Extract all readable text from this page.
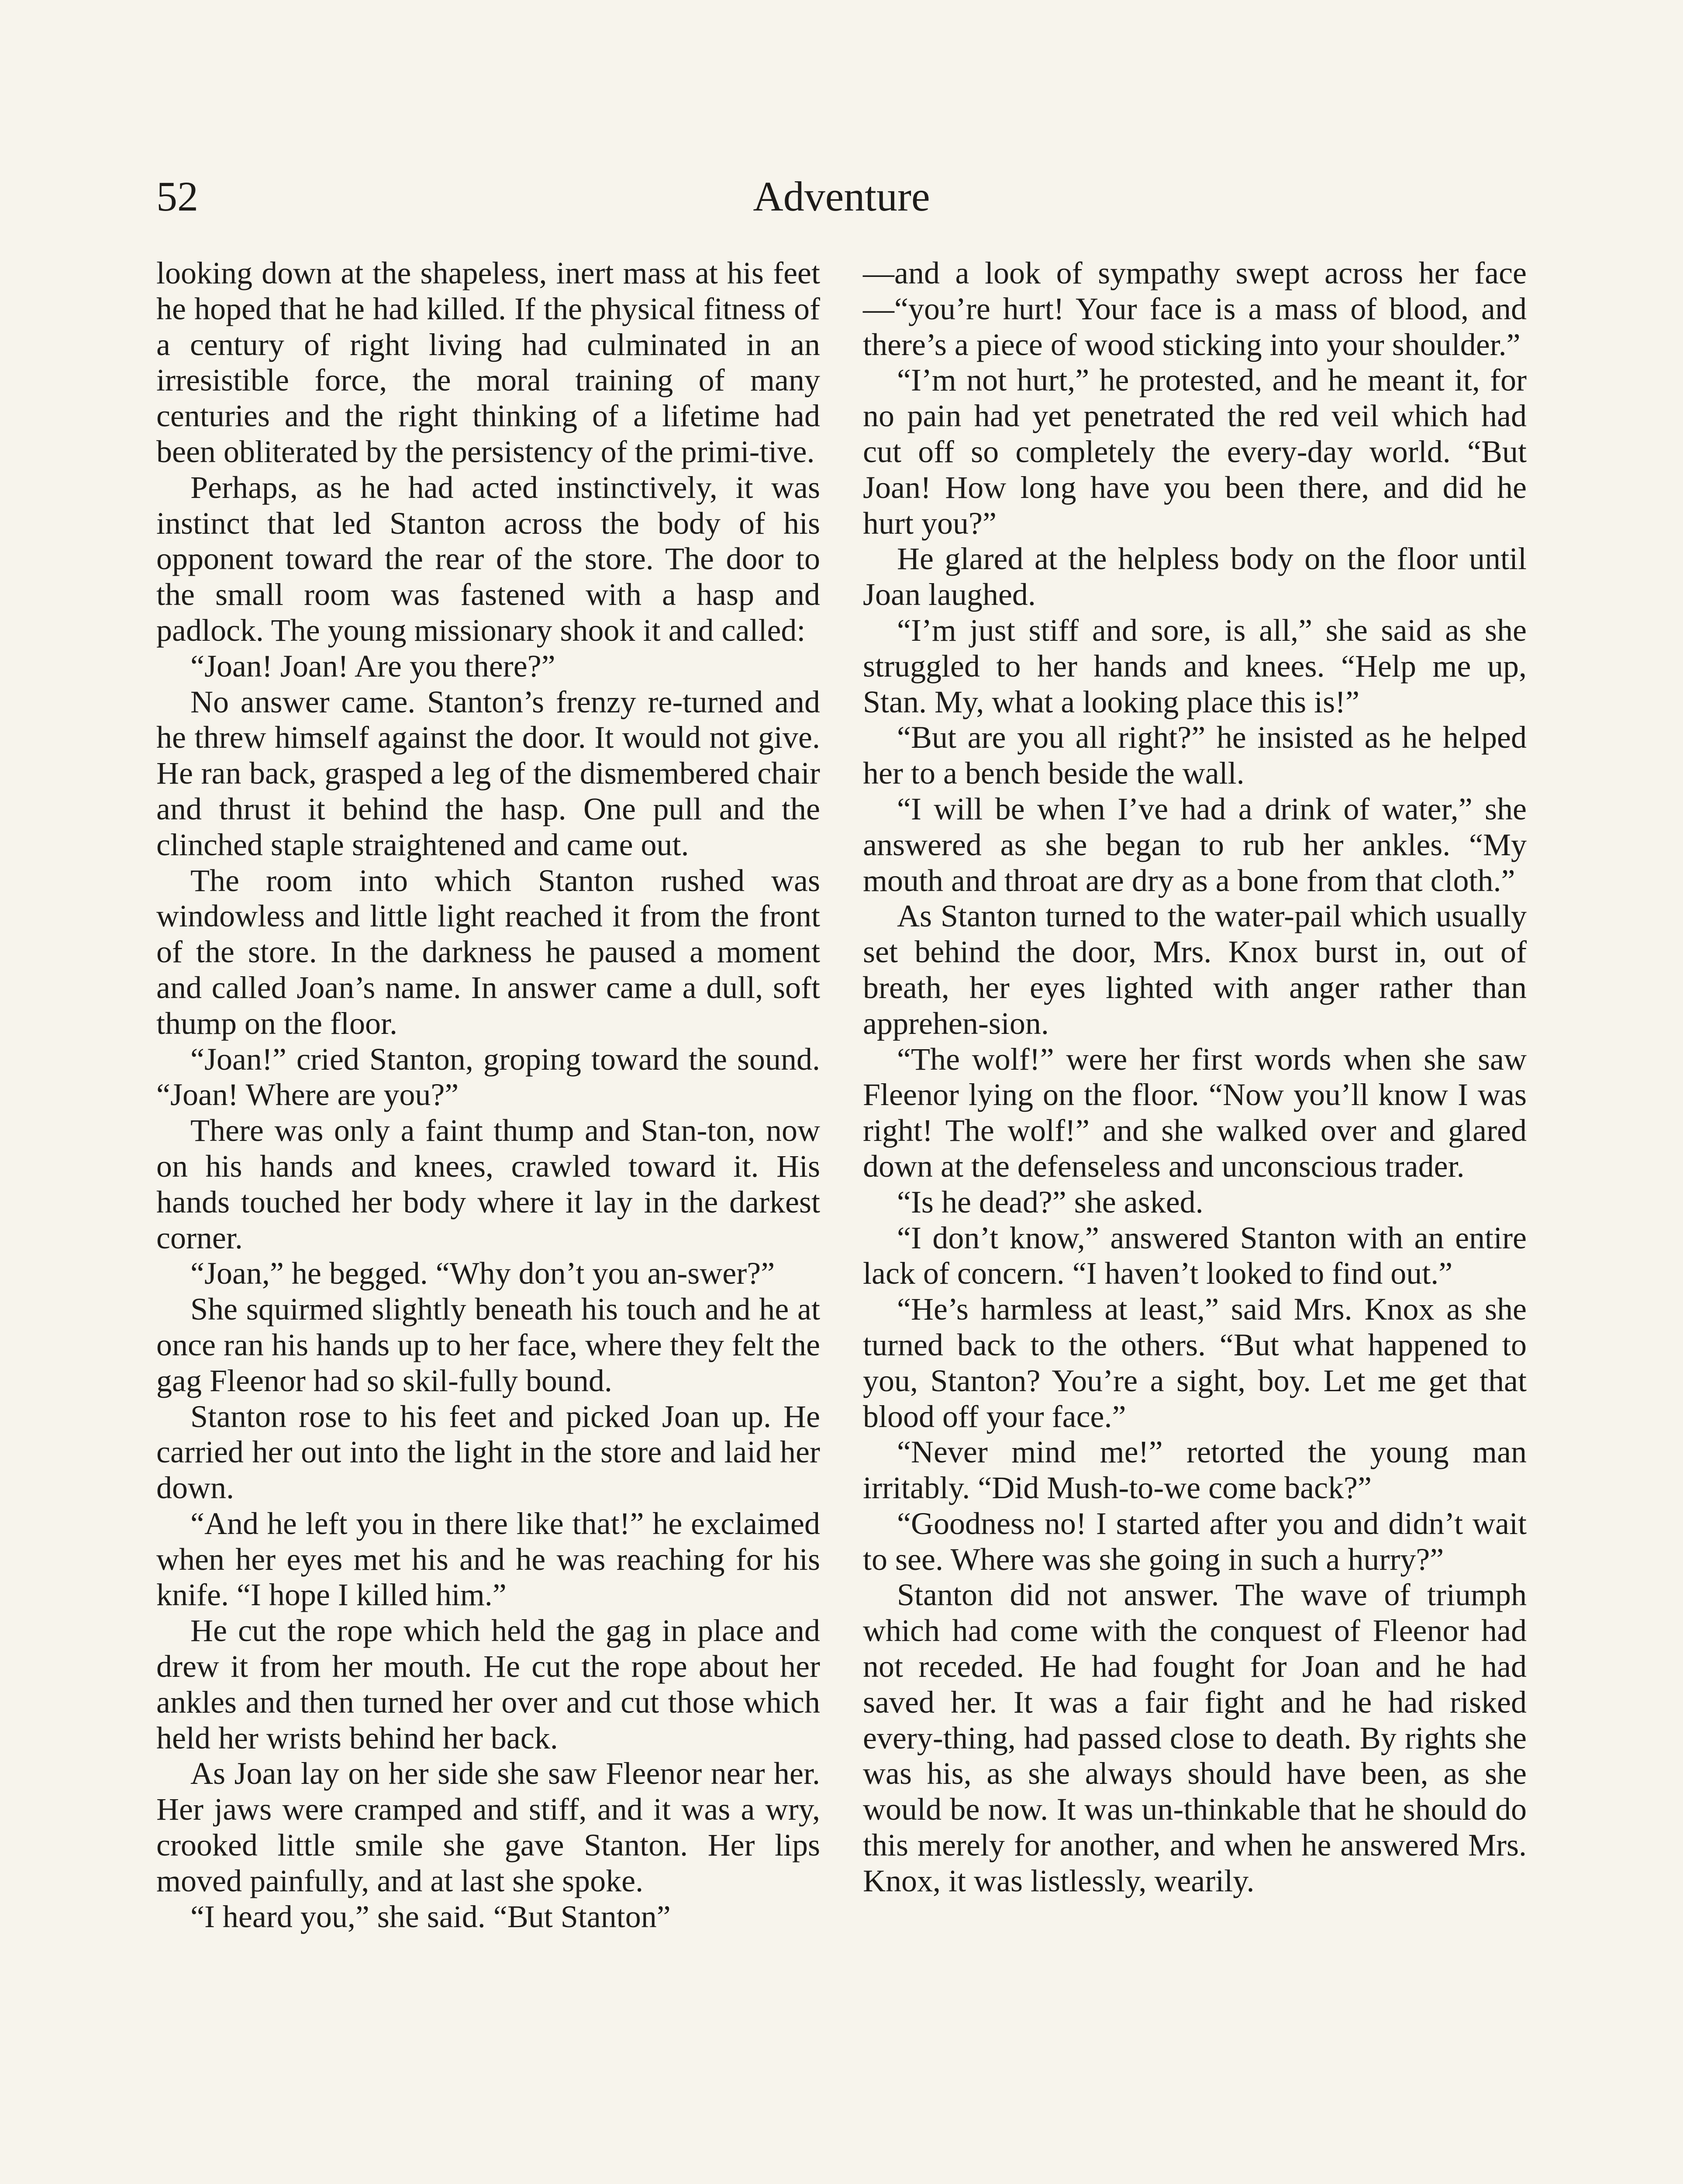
52	Adventure

looking down at the shapeless, inert mass at his feet he hoped that he had killed. If the physical fitness of a century of right living had culminated in an irresistible force, the moral training of many centuries and the right thinking of a lifetime had been obliterated by the persistency of the primi-tive.

Perhaps, as he had acted instinctively, it was instinct that led Stanton across the body of his opponent toward the rear of the store. The door to the small room was fastened with a hasp and padlock. The young missionary shook it and called:

“Joan! Joan! Are you there?”

No answer came. Stanton’s frenzy re-turned and he threw himself against the door. It would not give. He ran back, grasped a leg of the dismembered chair and thrust it behind the hasp. One pull and the clinched staple straightened and came out.

The room into which Stanton rushed was windowless and little light reached it from the front of the store. In the darkness he paused a moment and called Joan’s name. In answer came a dull, soft thump on the floor.

“Joan!” cried Stanton, groping toward the sound. “Joan! Where are you?”

There was only a faint thump and Stan-ton, now on his hands and knees, crawled toward it. His hands touched her body where it lay in the darkest corner.

“Joan,” he begged. “Why don’t you an-swer?”

She squirmed slightly beneath his touch and he at once ran his hands up to her face, where they felt the gag Fleenor had so skil-fully bound.

Stanton rose to his feet and picked Joan up. He carried her out into the light in the store and laid her down.

“And he left you in there like that!” he exclaimed when her eyes met his and he was reaching for his knife. “I hope I killed him.”

He cut the rope which held the gag in place and drew it from her mouth. He cut the rope about her ankles and then turned her over and cut those which held her wrists behind her back.

As Joan lay on her side she saw Fleenor near her. Her jaws were cramped and stiff, and it was a wry, crooked little smile she gave Stanton. Her lips moved painfully, and at last she spoke.

“I heard you,” she said. “But Stanton”

—and a look of sympathy swept across her face—“you’re hurt! Your face is a mass of blood, and there’s a piece of wood sticking into your shoulder.”

“I’m not hurt,” he protested, and he meant it, for no pain had yet penetrated the red veil which had cut off so completely the every-day world. “But Joan! How long have you been there, and did he hurt you?”

He glared at the helpless body on the floor until Joan laughed.

“I’m just stiff and sore, is all,” she said as she struggled to her hands and knees. “Help me up, Stan. My, what a looking place this is!”

“But are you all right?” he insisted as he helped her to a bench beside the wall.

“I will be when I’ve had a drink of water,” she answered as she began to rub her ankles. “My mouth and throat are dry as a bone from that cloth.”

As Stanton turned to the water-pail which usually set behind the door, Mrs. Knox burst in, out of breath, her eyes lighted with anger rather than apprehen-sion.

“The wolf!” were her first words when she saw Fleenor lying on the floor. “Now you’ll know I was right! The wolf!” and she walked over and glared down at the defenseless and unconscious trader.

“Is he dead?” she asked.

“I don’t know,” answered Stanton with an entire lack of concern. “I haven’t looked to find out.”

“He’s harmless at least,” said Mrs. Knox as she turned back to the others. “But what happened to you, Stanton? You’re a sight, boy. Let me get that blood off your face.”

“Never mind me!” retorted the young man irritably. “Did Mush-to-we come back?”

“Goodness no! I started after you and didn’t wait to see. Where was she going in such a hurry?”

Stanton did not answer. The wave of triumph which had come with the conquest of Fleenor had not receded. He had fought for Joan and he had saved her. It was a fair fight and he had risked every-thing, had passed close to death. By rights she was his, as she always should have been, as she would be now. It was un-thinkable that he should do this merely for another, and when he answered Mrs. Knox, it was listlessly, wearily.
